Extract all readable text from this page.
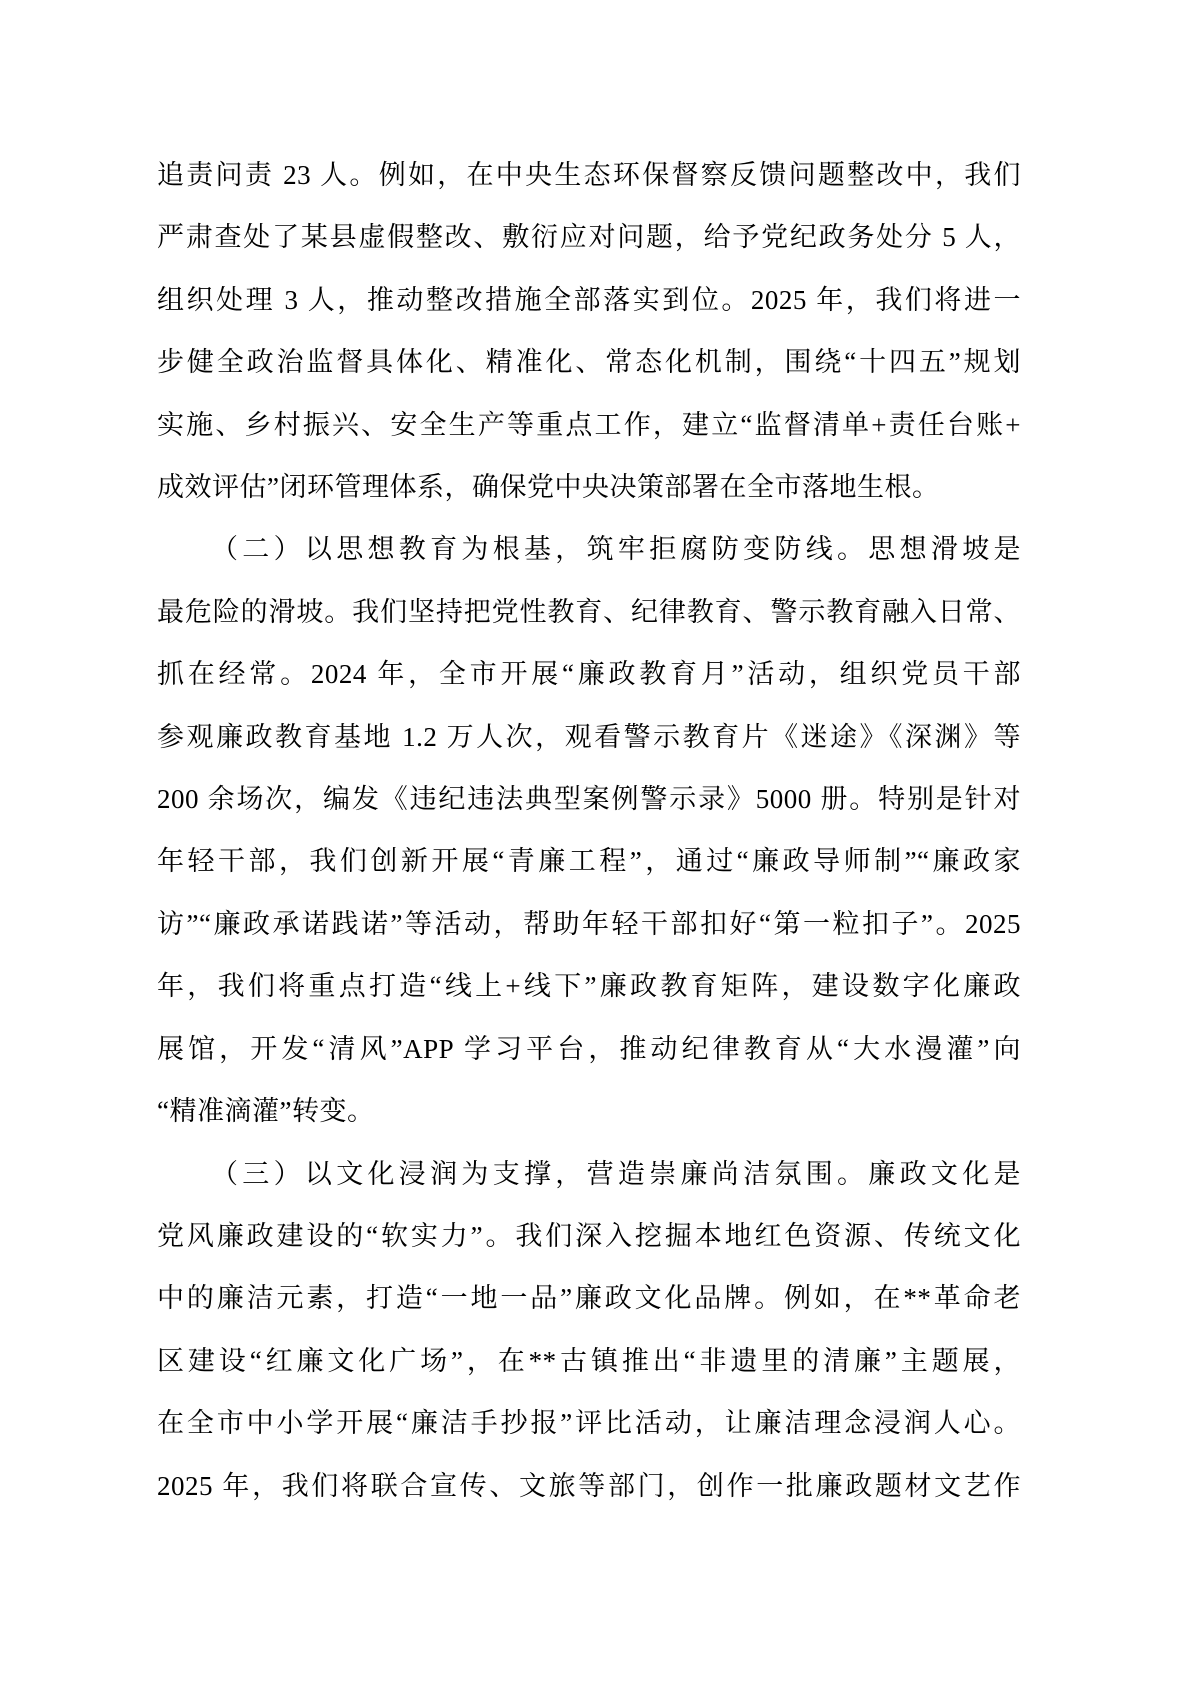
追责问责 23 人。例如，在中央生态环保督察反馈问题整改中，我们
严肃查处了某县虚假整改、敷衍应对问题，给予党纪政务处分 5 人，
组织处理 3 人，推动整改措施全部落实到位。2025 年，我们将进一
步健全政治监督具体化、精准化、常态化机制，围绕“十四五”规划
实施、乡村振兴、安全生产等重点工作，建立“监督清单+责任台账+
成效评估”闭环管理体系，确保党中央决策部署在全市落地生根。
（二）以思想教育为根基，筑牢拒腐防变防线。思想滑坡是
最危险的滑坡。我们坚持把党性教育、纪律教育、警示教育融入日常、
抓在经常。2024 年，全市开展“廉政教育月”活动，组织党员干部
参观廉政教育基地 1.2 万人次，观看警示教育片《迷途》《深渊》等
200 余场次，编发《违纪违法典型案例警示录》5000 册。特别是针对
年轻干部，我们创新开展“青廉工程”，通过“廉政导师制”“廉政家
访”“廉政承诺践诺”等活动，帮助年轻干部扣好“第一粒扣子”。2025
年，我们将重点打造“线上+线下”廉政教育矩阵，建设数字化廉政
展馆，开发“清风”APP 学习平台，推动纪律教育从“大水漫灌”向
“精准滴灌”转变。
（三）以文化浸润为支撑，营造崇廉尚洁氛围。廉政文化是
党风廉政建设的“软实力”。我们深入挖掘本地红色资源、传统文化
中的廉洁元素，打造“一地一品”廉政文化品牌。例如，在**革命老
区建设“红廉文化广场”，在**古镇推出“非遗里的清廉”主题展，
在全市中小学开展“廉洁手抄报”评比活动，让廉洁理念浸润人心。
2025 年，我们将联合宣传、文旅等部门，创作一批廉政题材文艺作
